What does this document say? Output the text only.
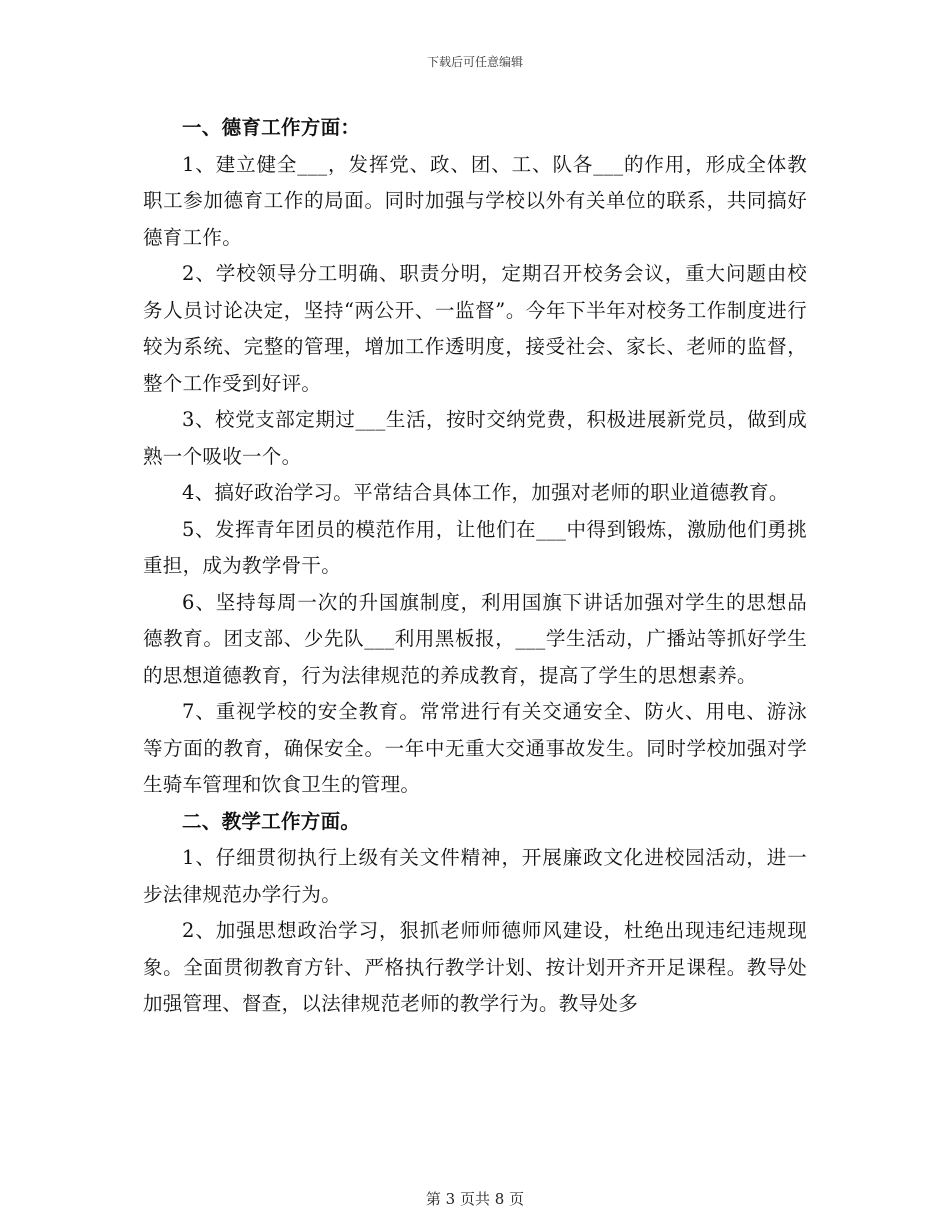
下载后可任意编辑
一、德育工作方面：

1、建立健全___，发挥党、政、团、工、队各___的作用，形成全体教职工参加德育工作的局面。同时加强与学校以外有关单位的联系，共同搞好德育工作。

2、学校领导分工明确、职责分明，定期召开校务会议，重大问题由校务人员讨论决定，坚持“两公开、一监督”。今年下半年对校务工作制度进行较为系统、完整的管理，增加工作透明度，接受社会、家长、老师的监督，整个工作受到好评。

3、校党支部定期过___生活，按时交纳党费，积极进展新党员，做到成熟一个吸收一个。

4、搞好政治学习。平常结合具体工作，加强对老师的职业道德教育。

5、发挥青年团员的模范作用，让他们在___中得到锻炼，激励他们勇挑重担，成为教学骨干。

6、坚持每周一次的升国旗制度，利用国旗下讲话加强对学生的思想品德教育。团支部、少先队___利用黑板报，___学生活动，广播站等抓好学生的思想道德教育，行为法律规范的养成教育，提高了学生的思想素养。

7、重视学校的安全教育。常常进行有关交通安全、防火、用电、游泳等方面的教育，确保安全。一年中无重大交通事故发生。同时学校加强对学生骑车管理和饮食卫生的管理。

二、教学工作方面。

1、仔细贯彻执行上级有关文件精神，开展廉政文化进校园活动，进一步法律规范办学行为。

2、加强思想政治学习，狠抓老师师德师风建设，杜绝出现违纪违规现象。全面贯彻教育方针、严格执行教学计划、按计划开齐开足课程。教导处加强管理、督查，以法律规范老师的教学行为。教导处多

第 3 页共 8 页
